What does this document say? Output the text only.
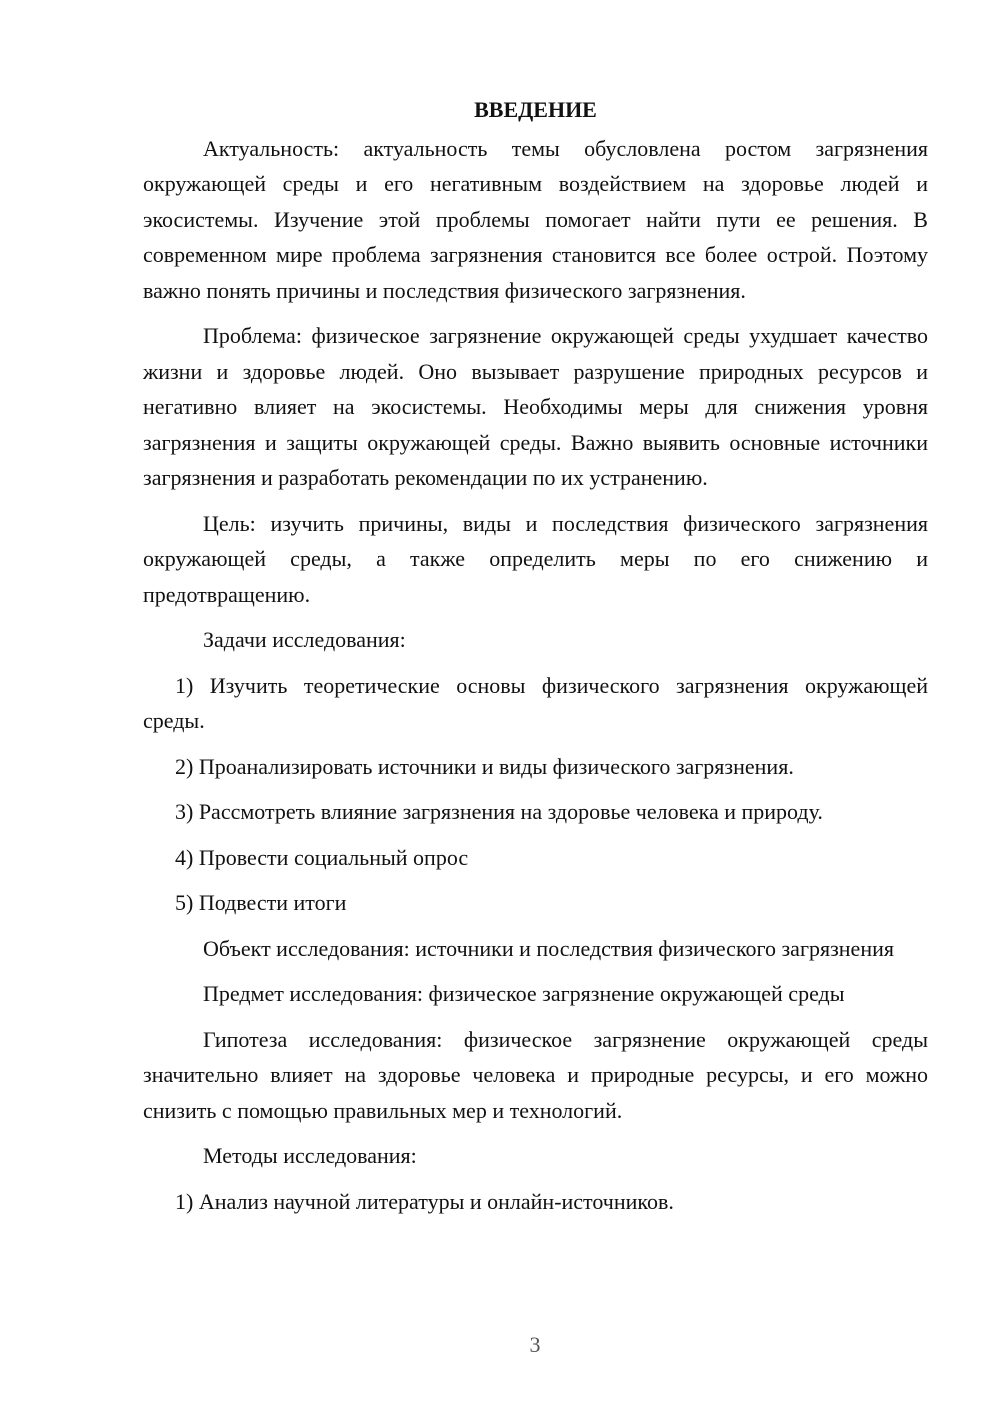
ВВЕДЕНИЕ

Актуальность: актуальность темы обусловлена ростом загрязнения окружающей среды и его негативным воздействием на здоровье людей и экосистемы. Изучение этой проблемы помогает найти пути ее решения. В современном мире проблема загрязнения становится все более острой. Поэтому важно понять причины и последствия физического загрязнения.

Проблема: физическое загрязнение окружающей среды ухудшает качество жизни и здоровье людей. Оно вызывает разрушение природных ресурсов и негативно влияет на экосистемы. Необходимы меры для снижения уровня загрязнения и защиты окружающей среды. Важно выявить основные источники загрязнения и разработать рекомендации по их устранению.

Цель: изучить причины, виды и последствия физического загрязнения окружающей среды, а также определить меры по его снижению и предотвращению.

Задачи исследования:

1) Изучить теоретические основы физического загрязнения окружающей среды.

2) Проанализировать источники и виды физического загрязнения.

3) Рассмотреть влияние загрязнения на здоровье человека и природу.

4) Провести социальный опрос

5) Подвести итоги

Объект исследования: источники и последствия физического загрязнения

Предмет исследования: физическое загрязнение окружающей среды

Гипотеза исследования: физическое загрязнение окружающей среды значительно влияет на здоровье человека и природные ресурсы, и его можно снизить с помощью правильных мер и технологий.

Методы исследования:

1) Анализ научной литературы и онлайн-источников.

3
